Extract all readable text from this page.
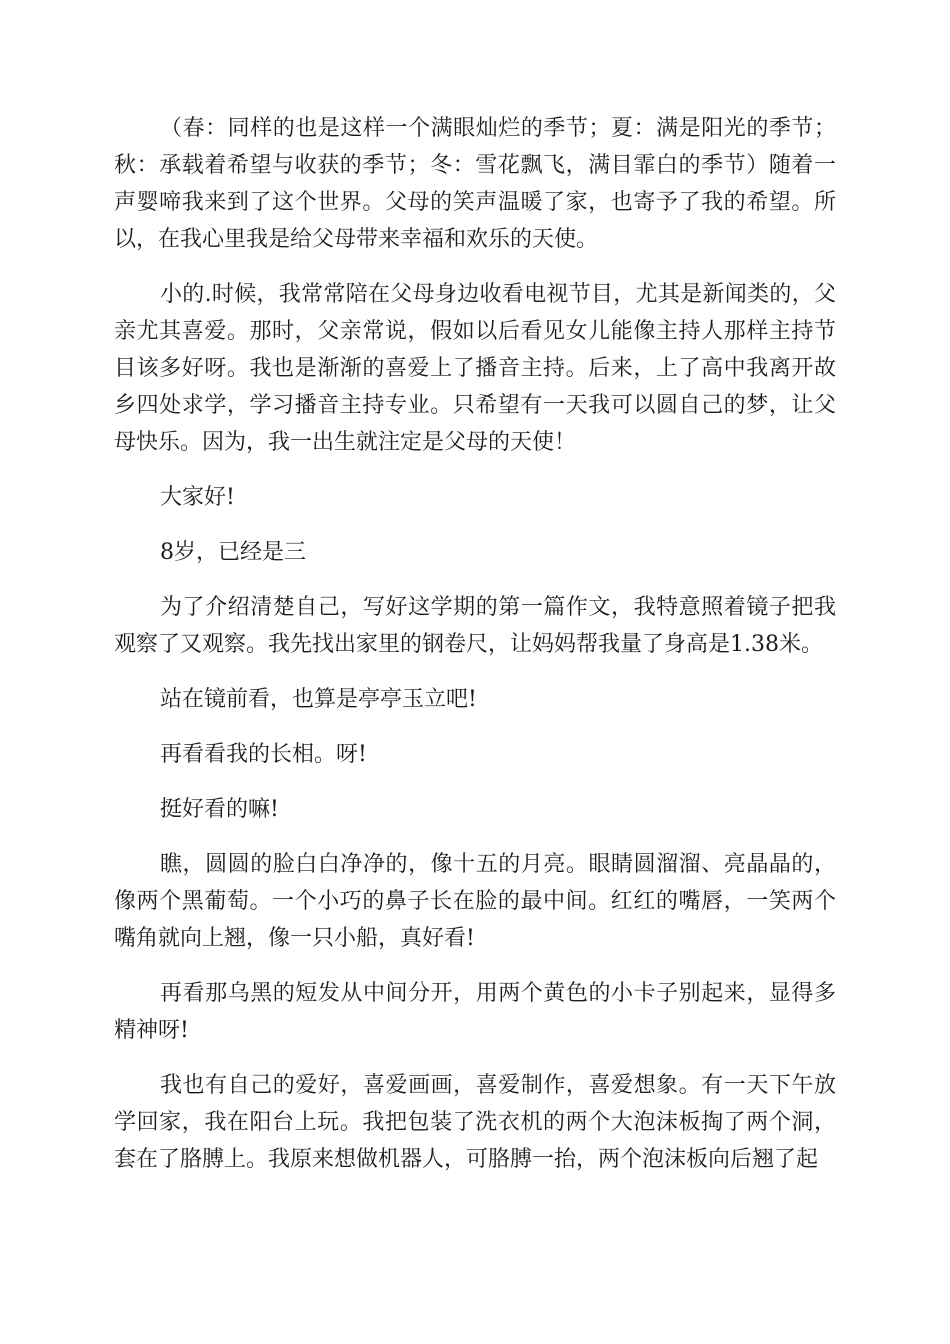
（春：同样的也是这样一个满眼灿烂的季节；夏：满是阳光的季节；秋：承载着希望与收获的季节；冬：雪花飘飞，满目霏白的季节）随着一声婴啼我来到了这个世界。父母的笑声温暖了家，也寄予了我的希望。所以，在我心里我是给父母带来幸福和欢乐的天使。

小的.时候，我常常陪在父母身边收看电视节目，尤其是新闻类的，父亲尤其喜爱。那时，父亲常说，假如以后看见女儿能像主持人那样主持节目该多好呀。我也是渐渐的喜爱上了播音主持。后来，上了高中我离开故乡四处求学，学习播音主持专业。只希望有一天我可以圆自己的梦，让父母快乐。因为，我一出生就注定是父母的天使！

大家好!

8岁，已经是三

为了介绍清楚自己，写好这学期的第一篇作文，我特意照着镜子把我观察了又观察。我先找出家里的钢卷尺，让妈妈帮我量了身高是1.38米。

站在镜前看，也算是亭亭玉立吧!

再看看我的长相。呀!

挺好看的嘛!

瞧，圆圆的脸白白净净的，像十五的月亮。眼睛圆溜溜、亮晶晶的，像两个黑葡萄。一个小巧的鼻子长在脸的最中间。红红的嘴唇，一笑两个嘴角就向上翘，像一只小船，真好看!

再看那乌黑的短发从中间分开，用两个黄色的小卡子别起来，显得多精神呀!

我也有自己的爱好，喜爱画画，喜爱制作，喜爱想象。有一天下午放学回家，我在阳台上玩。我把包装了洗衣机的两个大泡沫板掏了两个洞，套在了胳膊上。我原来想做机器人，可胳膊一抬，两个泡沫板向后翘了起
